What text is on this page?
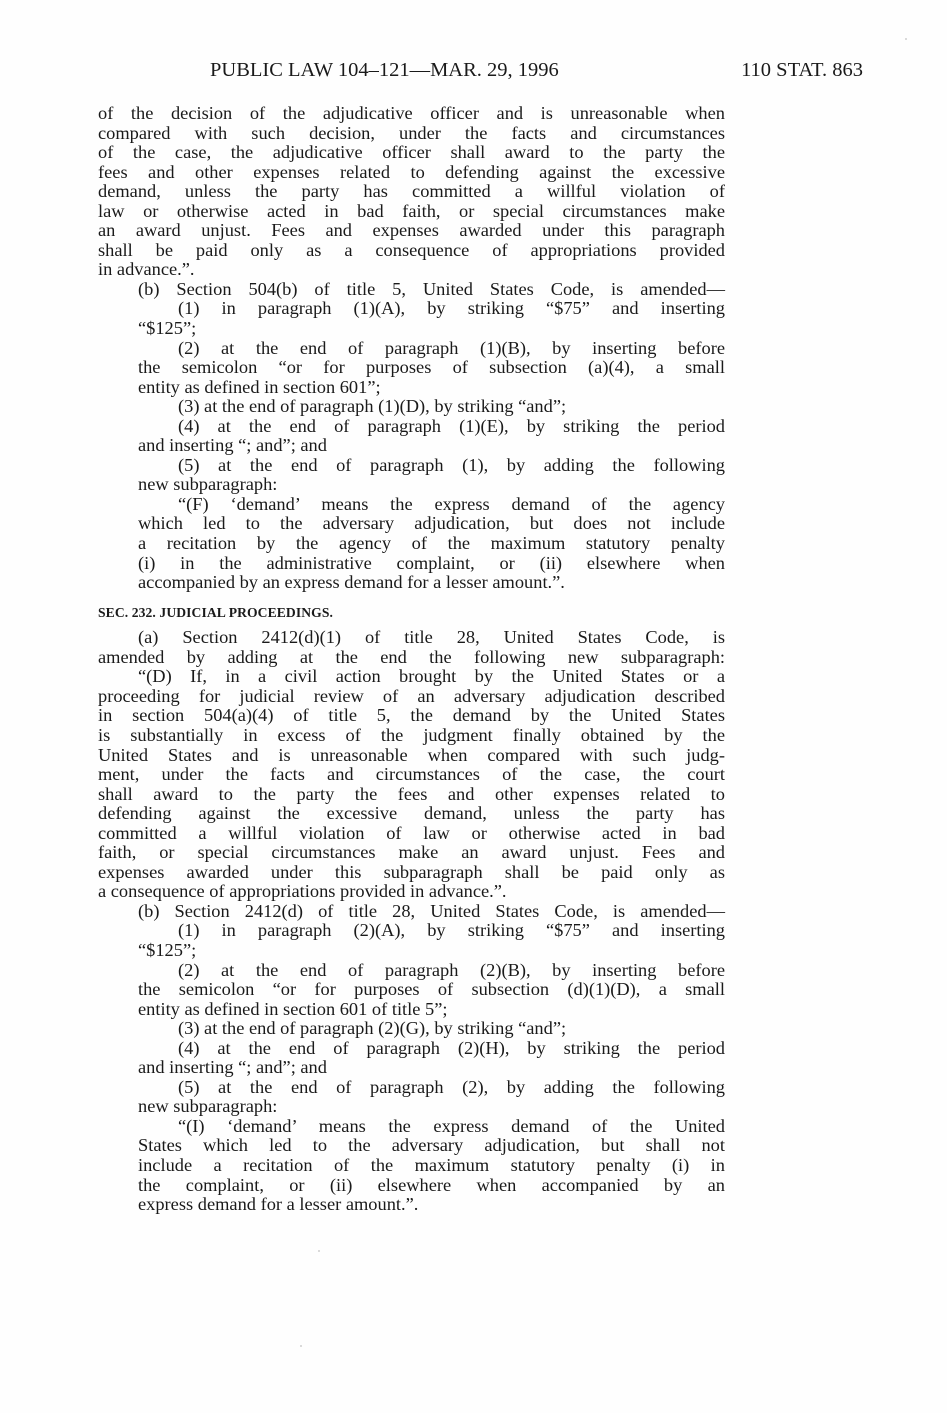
PUBLIC LAW 104–121—MAR. 29, 1996	110 STAT. 863
of the decision of the adjudicative officer and is unreasonable when
compared with such decision, under the facts and circumstances
of the case, the adjudicative officer shall award to the party the
fees and other expenses related to defending against the excessive
demand, unless the party has committed a willful violation of
law or otherwise acted in bad faith, or special circumstances make
an award unjust. Fees and expenses awarded under this paragraph
shall be paid only as a consequence of appropriations provided
in advance.”.
(b) Section 504(b) of title 5, United States Code, is amended—
(1) in paragraph (1)(A), by striking “$75” and inserting
“$125”;
(2) at the end of paragraph (1)(B), by inserting before
the semicolon “or for purposes of subsection (a)(4), a small
entity as defined in section 601”;
(3) at the end of paragraph (1)(D), by striking “and”;
(4) at the end of paragraph (1)(E), by striking the period
and inserting “; and”; and
(5) at the end of paragraph (1), by adding the following
new subparagraph:
“(F) ‘demand’ means the express demand of the agency
which led to the adversary adjudication, but does not include
a recitation by the agency of the maximum statutory penalty
(i) in the administrative complaint, or (ii) elsewhere when
accompanied by an express demand for a lesser amount.”.
SEC. 232. JUDICIAL PROCEEDINGS.
(a) Section 2412(d)(1) of title 28, United States Code, is
amended by adding at the end the following new subparagraph:
“(D) If, in a civil action brought by the United States or a
proceeding for judicial review of an adversary adjudication described
in section 504(a)(4) of title 5, the demand by the United States
is substantially in excess of the judgment finally obtained by the
United States and is unreasonable when compared with such judg-
ment, under the facts and circumstances of the case, the court
shall award to the party the fees and other expenses related to
defending against the excessive demand, unless the party has
committed a willful violation of law or otherwise acted in bad
faith, or special circumstances make an award unjust. Fees and
expenses awarded under this subparagraph shall be paid only as
a consequence of appropriations provided in advance.”.
(b) Section 2412(d) of title 28, United States Code, is amended—
(1) in paragraph (2)(A), by striking “$75” and inserting
“$125”;
(2) at the end of paragraph (2)(B), by inserting before
the semicolon “or for purposes of subsection (d)(1)(D), a small
entity as defined in section 601 of title 5”;
(3) at the end of paragraph (2)(G), by striking “and”;
(4) at the end of paragraph (2)(H), by striking the period
and inserting “; and”; and
(5) at the end of paragraph (2), by adding the following
new subparagraph:
“(I) ‘demand’ means the express demand of the United
States which led to the adversary adjudication, but shall not
include a recitation of the maximum statutory penalty (i) in
the complaint, or (ii) elsewhere when accompanied by an
express demand for a lesser amount.”.
